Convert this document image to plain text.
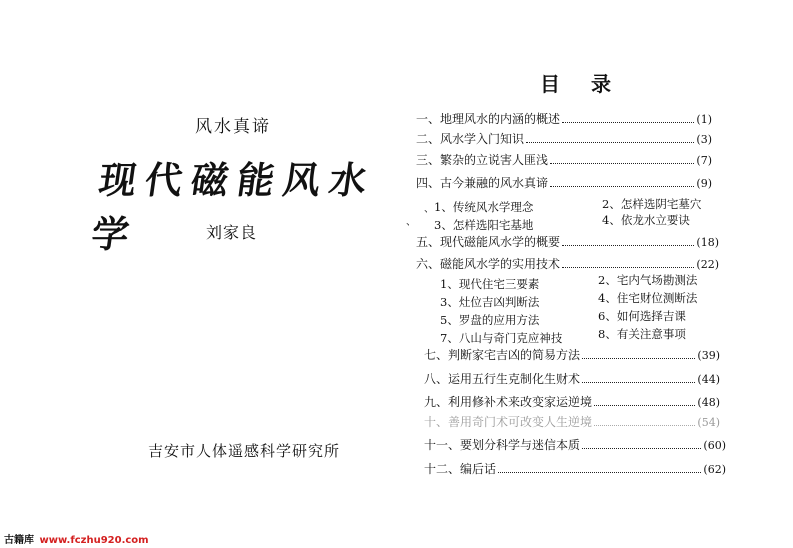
风水真谛
现代磁能风水学	刘家良
吉安市人体遥感科学研究所
古籍库 www.fczhu920.com
目 录
一、地理风水的内涵的概述	(1)
二、风水学入门知识	(3)
三、繁杂的立说害人匪浅	(7)
四、古今兼融的风水真谛	(9)
、
、
1、传统风水学理念	2、怎样选阴宅墓穴
3、怎样选阳宅基地	4、依龙水立要诀
五、现代磁能风水学的概要	(18)
六、磁能风水学的实用技术	(22)
1、现代住宅三要素	2、宅内气场勘测法
3、灶位吉凶判断法	4、住宅财位测断法
5、罗盘的应用方法	6、如何选择吉课
7、八山与奇门克应神技	8、有关注意事项
七、判断家宅吉凶的简易方法	(39)
八、运用五行生克制化生财术	(44)
九、利用修补术来改变家运逆境	(48)
十、善用奇门术可改变人生逆境	(54)
十一、要划分科学与迷信本质	(60)
十二、编后话	(62)
